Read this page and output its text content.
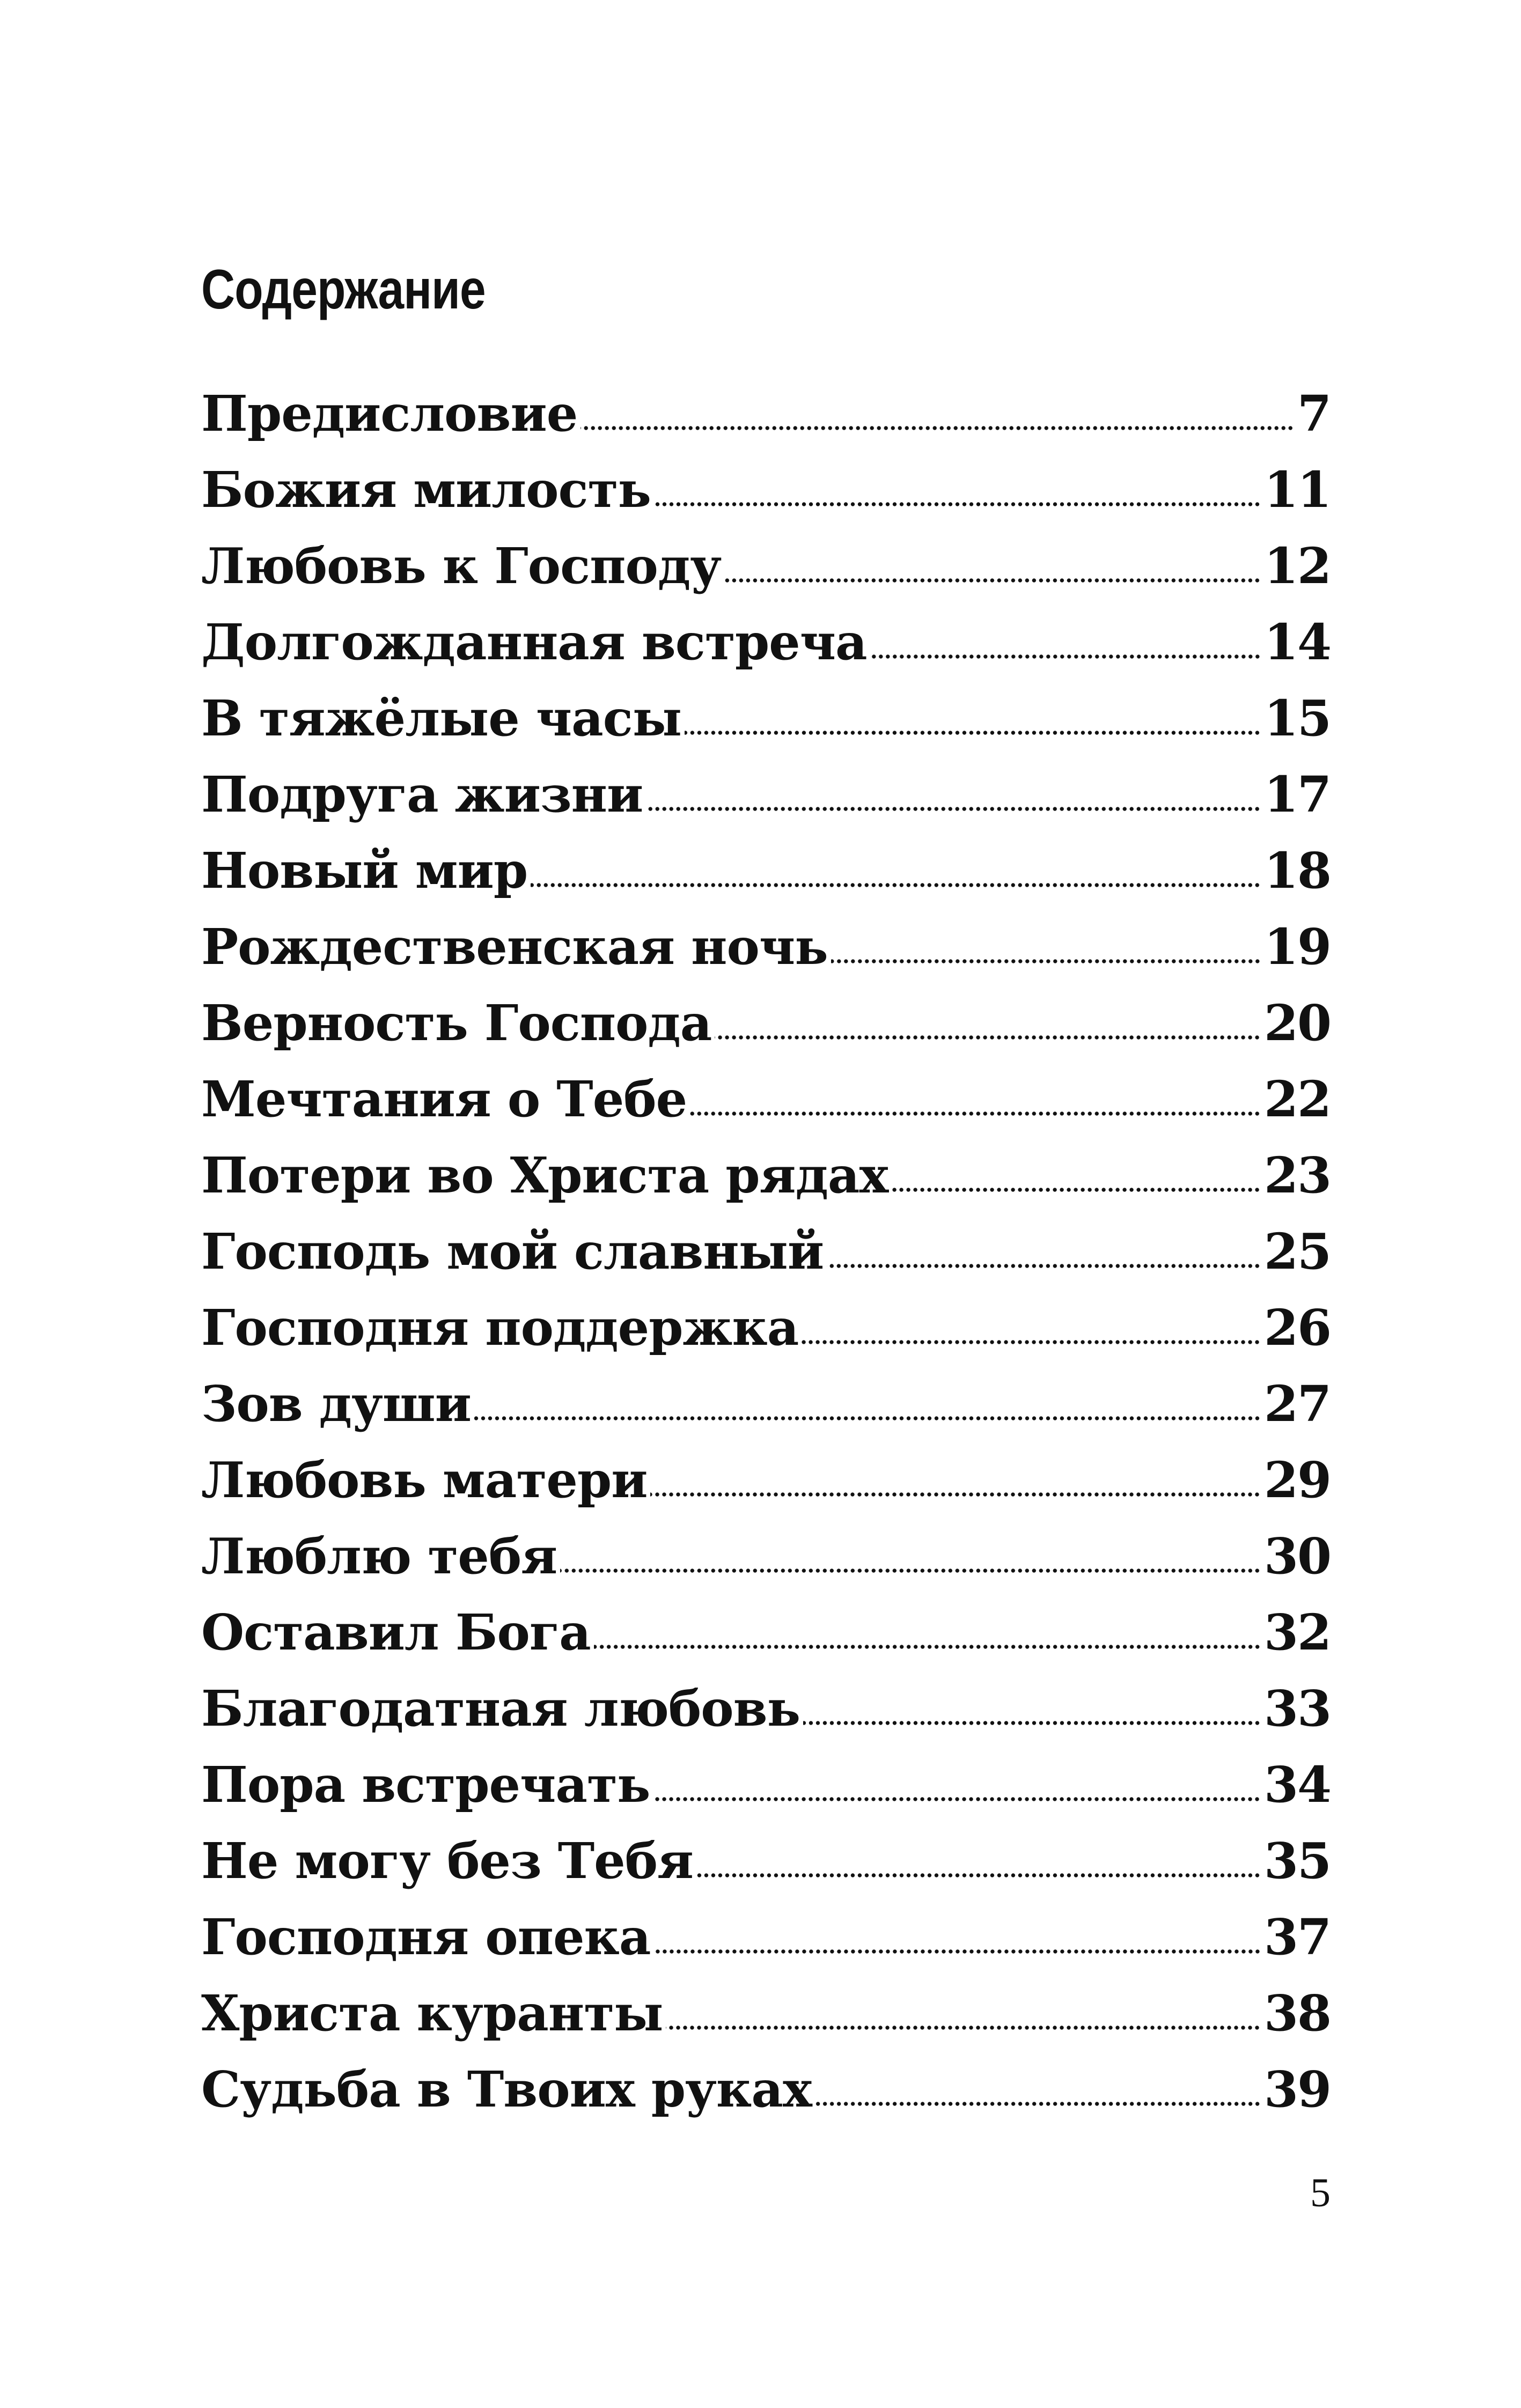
Содержание
Предисловие	7
Божия милость	11
Любовь к Господу	12
Долгожданная встреча	14
В тяжёлые часы	15
Подруга жизни	17
Новый мир	18
Рождественская ночь	19
Верность Господа	20
Мечтания о Тебе	22
Потери во Христа рядах	23
Господь мой славный	25
Господня поддержка	26
Зов души	27
Любовь матери	29
Люблю тебя	30
Оставил Бога	32
Благодатная любовь	33
Пора встречать	34
Не могу без Тебя	35
Господня опека	37
Христа куранты	38
Судьба в Твоих руках	39
5
